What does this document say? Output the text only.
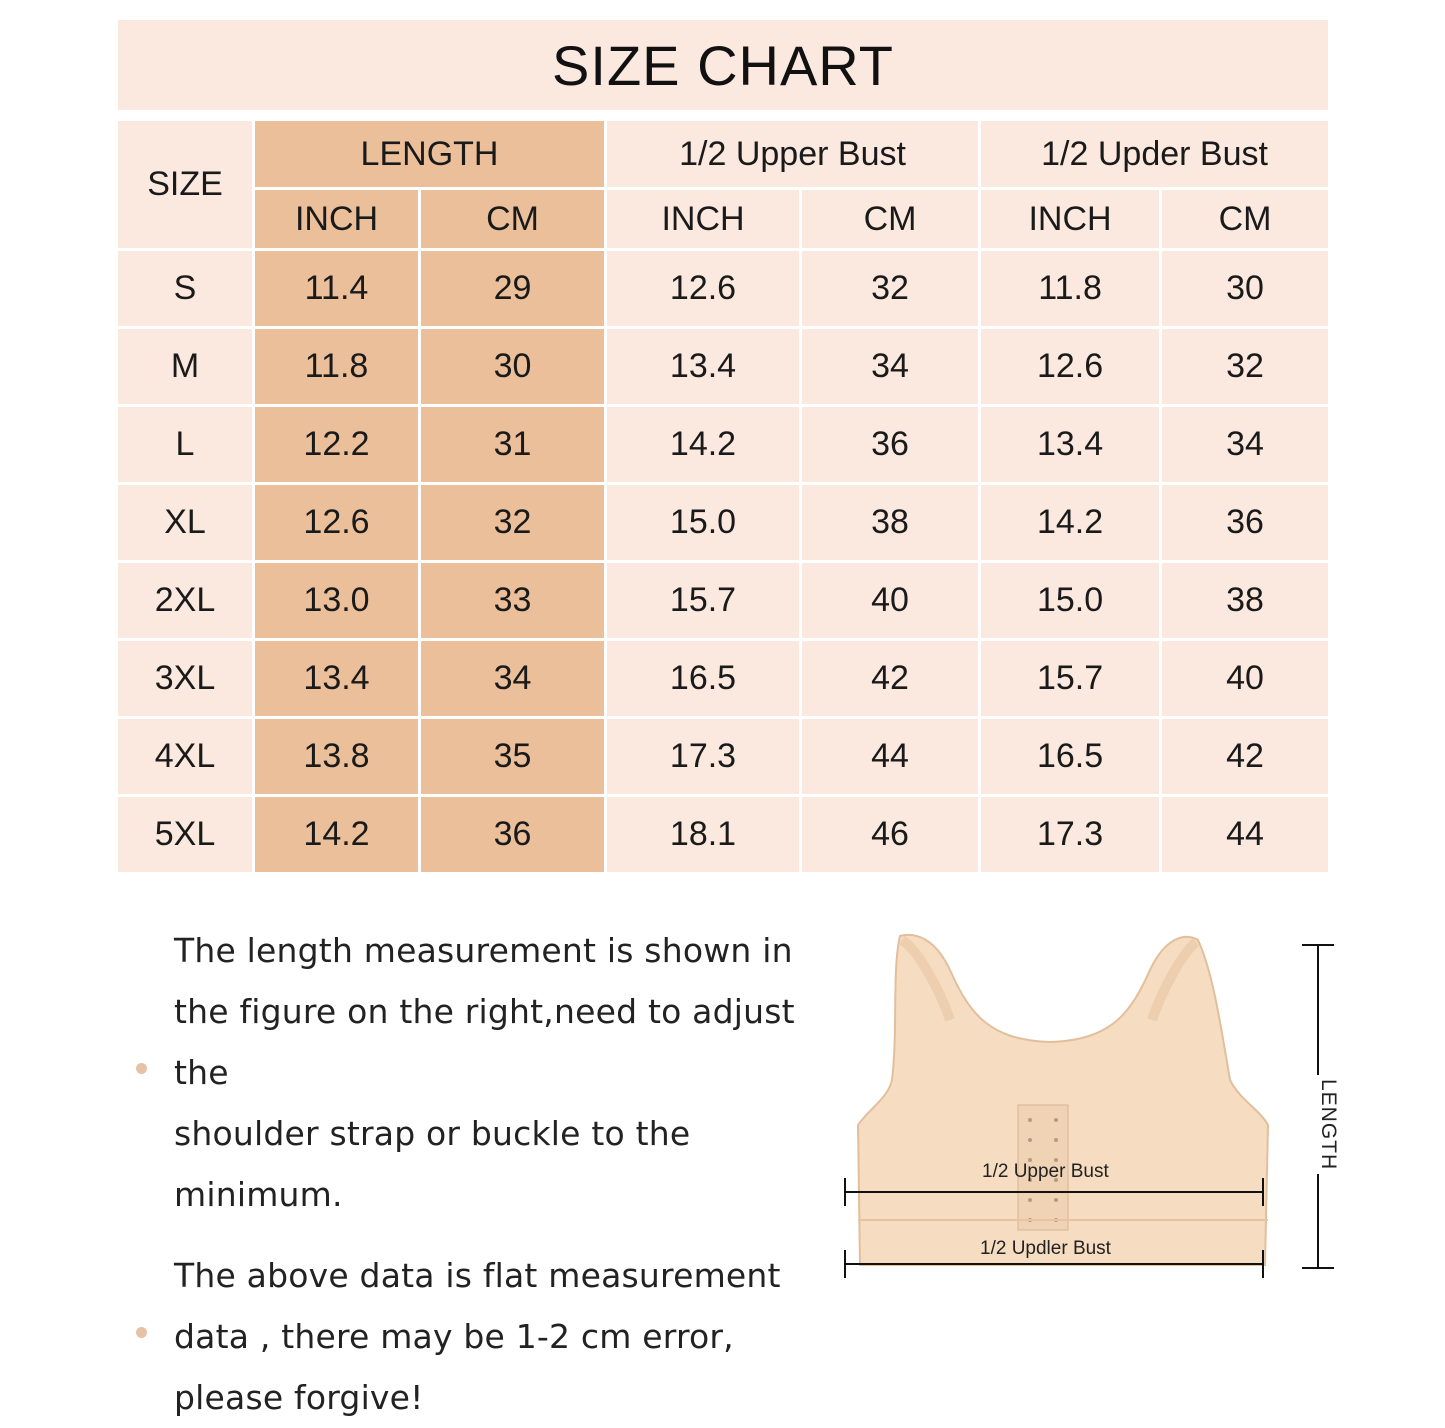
SIZE CHART
SIZE	LENGTH		1/2 Upper Bust		1/2 Upder Bust	
	INCH	CM	INCH	CM	INCH	CM
S	11.4	29	12.6	32	11.8	30
M	11.8	30	13.4	34	12.6	32
L	12.2	31	14.2	36	13.4	34
XL	12.6	32	15.0	38	14.2	36
2XL	13.0	33	15.7	40	15.0	38
3XL	13.4	34	16.5	42	15.7	40
4XL	13.8	35	17.3	44	16.5	42
5XL	14.2	36	18.1	46	17.3	44

The length measurement is shown in

the figure on the right,need to adjust the

shoulder strap or buckle to the minimum.

The above data is flat measurement

data , there may be 1-2 cm error,

please forgive!

LENGTH
1/2 Upper Bust
1/2 Updler Bust
